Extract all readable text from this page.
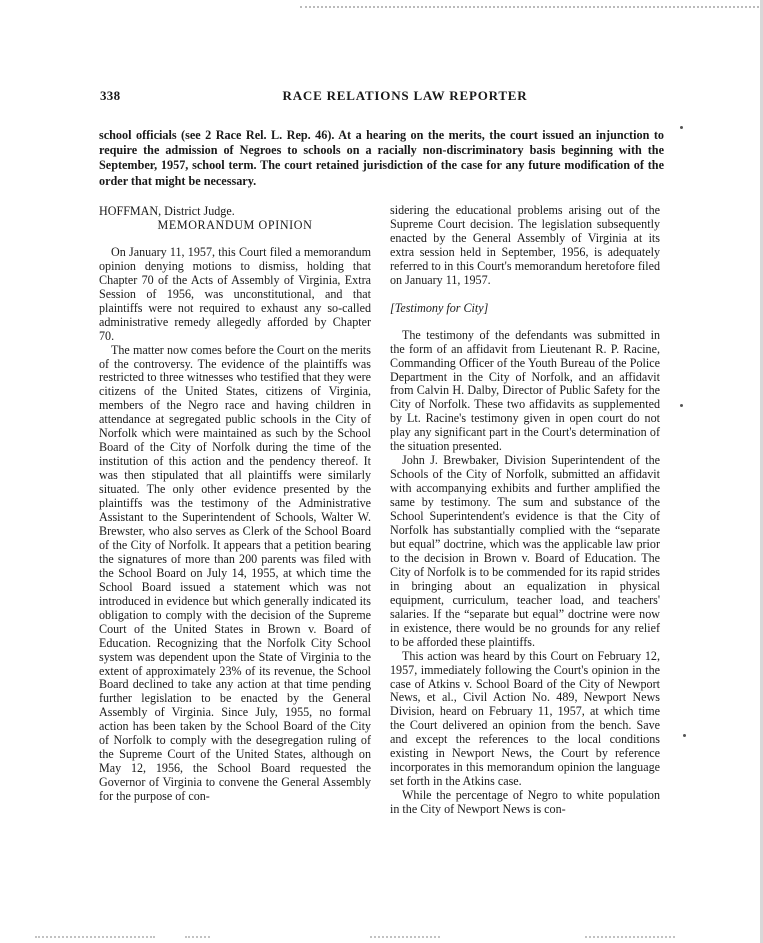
338	RACE RELATIONS LAW REPORTER
school officials (see 2 Race Rel. L. Rep. 46). At a hearing on the merits, the court issued an injunction to require the admission of Negroes to schools on a racially non-discriminatory basis beginning with the September, 1957, school term. The court retained jurisdiction of the case for any future modification of the order that might be necessary.

HOFFMAN, District Judge.

MEMORANDUM OPINION

On January 11, 1957, this Court filed a memorandum opinion denying motions to dismiss, holding that Chapter 70 of the Acts of Assembly of Virginia, Extra Session of 1956, was unconstitutional, and that plaintiffs were not required to exhaust any so-called administrative remedy allegedly afforded by Chapter 70.

The matter now comes before the Court on the merits of the controversy. The evidence of the plaintiffs was restricted to three witnesses who testified that they were citizens of the United States, citizens of Virginia, members of the Negro race and having children in attendance at segregated public schools in the City of Norfolk which were maintained as such by the School Board of the City of Norfolk during the time of the institution of this action and the pendency thereof. It was then stipulated that all plaintiffs were similarly situated. The only other evidence presented by the plaintiffs was the testimony of the Administrative Assistant to the Superintendent of Schools, Walter W. Brewster, who also serves as Clerk of the School Board of the City of Norfolk. It appears that a petition bearing the signatures of more than 200 parents was filed with the School Board on July 14, 1955, at which time the School Board issued a statement which was not introduced in evidence but which generally indicated its obligation to comply with the decision of the Supreme Court of the United States in Brown v. Board of Education. Recognizing that the Norfolk City School system was dependent upon the State of Virginia to the extent of approximately 23% of its revenue, the School Board declined to take any action at that time pending further legislation to be enacted by the General Assembly of Virginia. Since July, 1955, no formal action has been taken by the School Board of the City of Norfolk to comply with the desegregation ruling of the Supreme Court of the United States, although on May 12, 1956, the School Board requested the Governor of Virginia to convene the General Assembly for the purpose of con-

sidering the educational problems arising out of the Supreme Court decision. The legislation subsequently enacted by the General Assembly of Virginia at its extra session held in September, 1956, is adequately referred to in this Court's memorandum heretofore filed on January 11, 1957.

[Testimony for City]

The testimony of the defendants was submitted in the form of an affidavit from Lieutenant R. P. Racine, Commanding Officer of the Youth Bureau of the Police Department in the City of Norfolk, and an affidavit from Calvin H. Dalby, Director of Public Safety for the City of Norfolk. These two affidavits as supplemented by Lt. Racine's testimony given in open court do not play any significant part in the Court's determination of the situation presented.

John J. Brewbaker, Division Superintendent of the Schools of the City of Norfolk, submitted an affidavit with accompanying exhibits and further amplified the same by testimony. The sum and substance of the School Superintendent's evidence is that the City of Norfolk has substantially complied with the “separate but equal” doctrine, which was the applicable law prior to the decision in Brown v. Board of Education. The City of Norfolk is to be commended for its rapid strides in bringing about an equalization in physical equipment, curriculum, teacher load, and teachers' salaries. If the “separate but equal” doctrine were now in existence, there would be no grounds for any relief to be afforded these plaintiffs.

This action was heard by this Court on February 12, 1957, immediately following the Court's opinion in the case of Atkins v. School Board of the City of Newport News, et al., Civil Action No. 489, Newport News Division, heard on February 11, 1957, at which time the Court delivered an opinion from the bench. Save and except the references to the local conditions existing in Newport News, the Court by reference incorporates in this memorandum opinion the language set forth in the Atkins case.

While the percentage of Negro to white population in the City of Newport News is con-
